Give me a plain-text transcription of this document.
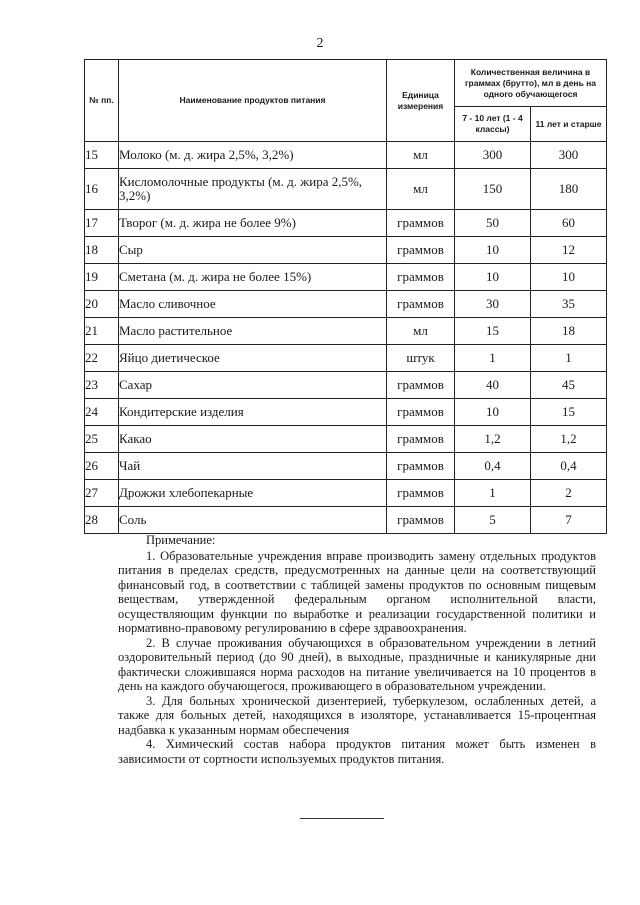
2
№ пп.	Наименование продуктов питания	Единица измерения	Количественная величина в граммах (брутто), мл в день на одного обучающегося	
			7 - 10 лет (1 - 4 классы)	11 лет и старше
15	Молоко (м. д. жира 2,5%, 3,2%)	мл	300	300
16	Кисломолочные продукты (м. д. жира 2,5%, 3,2%)	мл	150	180
17	Творог (м. д. жира не более 9%)	граммов	50	60
18	Сыр	граммов	10	12
19	Сметана (м. д. жира не более 15%)	граммов	10	10
20	Масло сливочное	граммов	30	35
21	Масло растительное	мл	15	18
22	Яйцо диетическое	штук	1	1
23	Сахар	граммов	40	45
24	Кондитерские изделия	граммов	10	15
25	Какао	граммов	1,2	1,2
26	Чай	граммов	0,4	0,4
27	Дрожжи хлебопекарные	граммов	1	2
28	Соль	граммов	5	7

Примечание:

1. Образовательные учреждения вправе производить замену отдельных продуктов питания в пределах средств, предусмотренных на данные цели на соответствующий финансовый год, в соответствии с таблицей замены продуктов по основным пищевым веществам, утвержденной федеральным органом исполнительной власти, осуществляющим функции по выработке и реализации государственной политики и нормативно-правовому регулированию в сфере здравоохранения.

2. В случае проживания обучающихся в образовательном учреждении в летний оздоровительный период (до 90 дней), в выходные, праздничные и каникулярные дни фактически сложившаяся норма расходов на питание увеличивается на 10 процентов в день на каждого обучающегося, проживающего в образовательном учреждении.

3. Для больных хронической дизентерией, туберкулезом, ослабленных детей, а также для больных детей, находящихся в изоляторе, устанавливается 15-процентная надбавка к указанным нормам обеспечения

4. Химический состав набора продуктов питания может быть изменен в зависимости от сортности используемых продуктов питания.
